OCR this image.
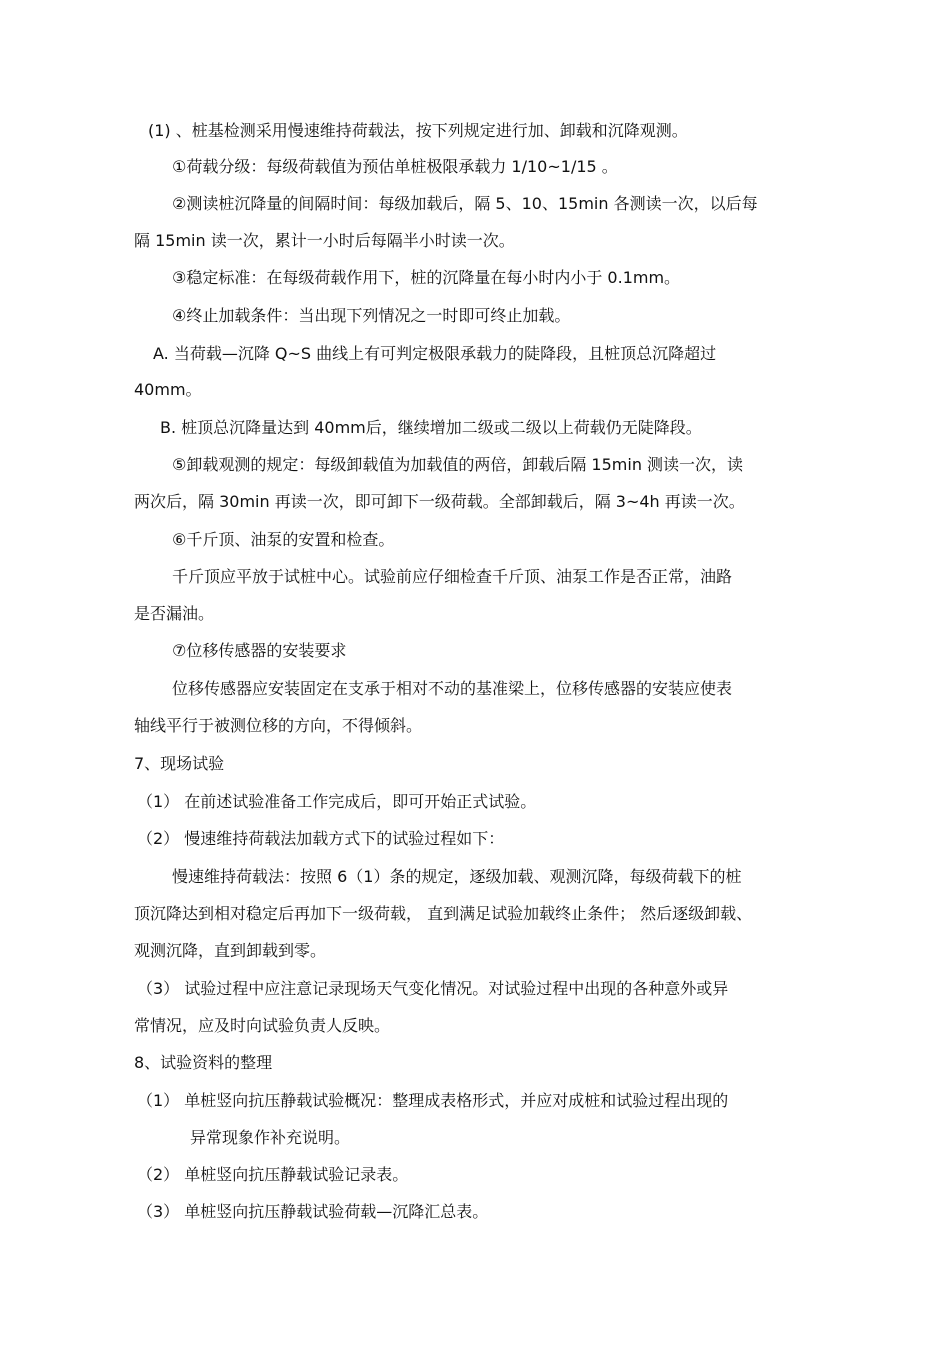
(1) 、桩基检测采用慢速维持荷载法，按下列规定进行加、卸载和沉降观测。
①荷载分级：每级荷载值为预估单桩极限承载力 1/10~1/15 。
②测读桩沉降量的间隔时间：每级加载后，隔 5、10、15min 各测读一次，以后每
隔 15min 读一次，累计一小时后每隔半小时读一次。
③稳定标准：在每级荷载作用下，桩的沉降量在每小时内小于 0.1mm。
④终止加载条件：当出现下列情况之一时即可终止加载。
A. 当荷载—沉降 Q~S 曲线上有可判定极限承载力的陡降段，且桩顶总沉降超过
40mm。
B. 桩顶总沉降量达到 40mm后，继续增加二级或二级以上荷载仍无陡降段。
⑤卸载观测的规定：每级卸载值为加载值的两倍，卸载后隔 15min 测读一次，读
两次后，隔 30min 再读一次，即可卸下一级荷载。全部卸载后，隔 3~4h 再读一次。
⑥千斤顶、油泵的安置和检查。
千斤顶应平放于试桩中心。试验前应仔细检查千斤顶、油泵工作是否正常，油路
是否漏油。
⑦位移传感器的安装要求
位移传感器应安装固定在支承于相对不动的基准梁上，位移传感器的安装应使表
轴线平行于被测位移的方向，不得倾斜。
7、现场试验
（1） 在前述试验准备工作完成后，即可开始正式试验。
（2） 慢速维持荷载法加载方式下的试验过程如下：
慢速维持荷载法：按照 6（1）条的规定，逐级加载、观测沉降，每级荷载下的桩
顶沉降达到相对稳定后再加下一级荷载， 直到满足试验加载终止条件； 然后逐级卸载、
观测沉降，直到卸载到零。
（3） 试验过程中应注意记录现场天气变化情况。对试验过程中出现的各种意外或异
常情况，应及时向试验负责人反映。
8、试验资料的整理
（1） 单桩竖向抗压静载试验概况：整理成表格形式，并应对成桩和试验过程出现的
异常现象作补充说明。
（2） 单桩竖向抗压静载试验记录表。
（3） 单桩竖向抗压静载试验荷载—沉降汇总表。
